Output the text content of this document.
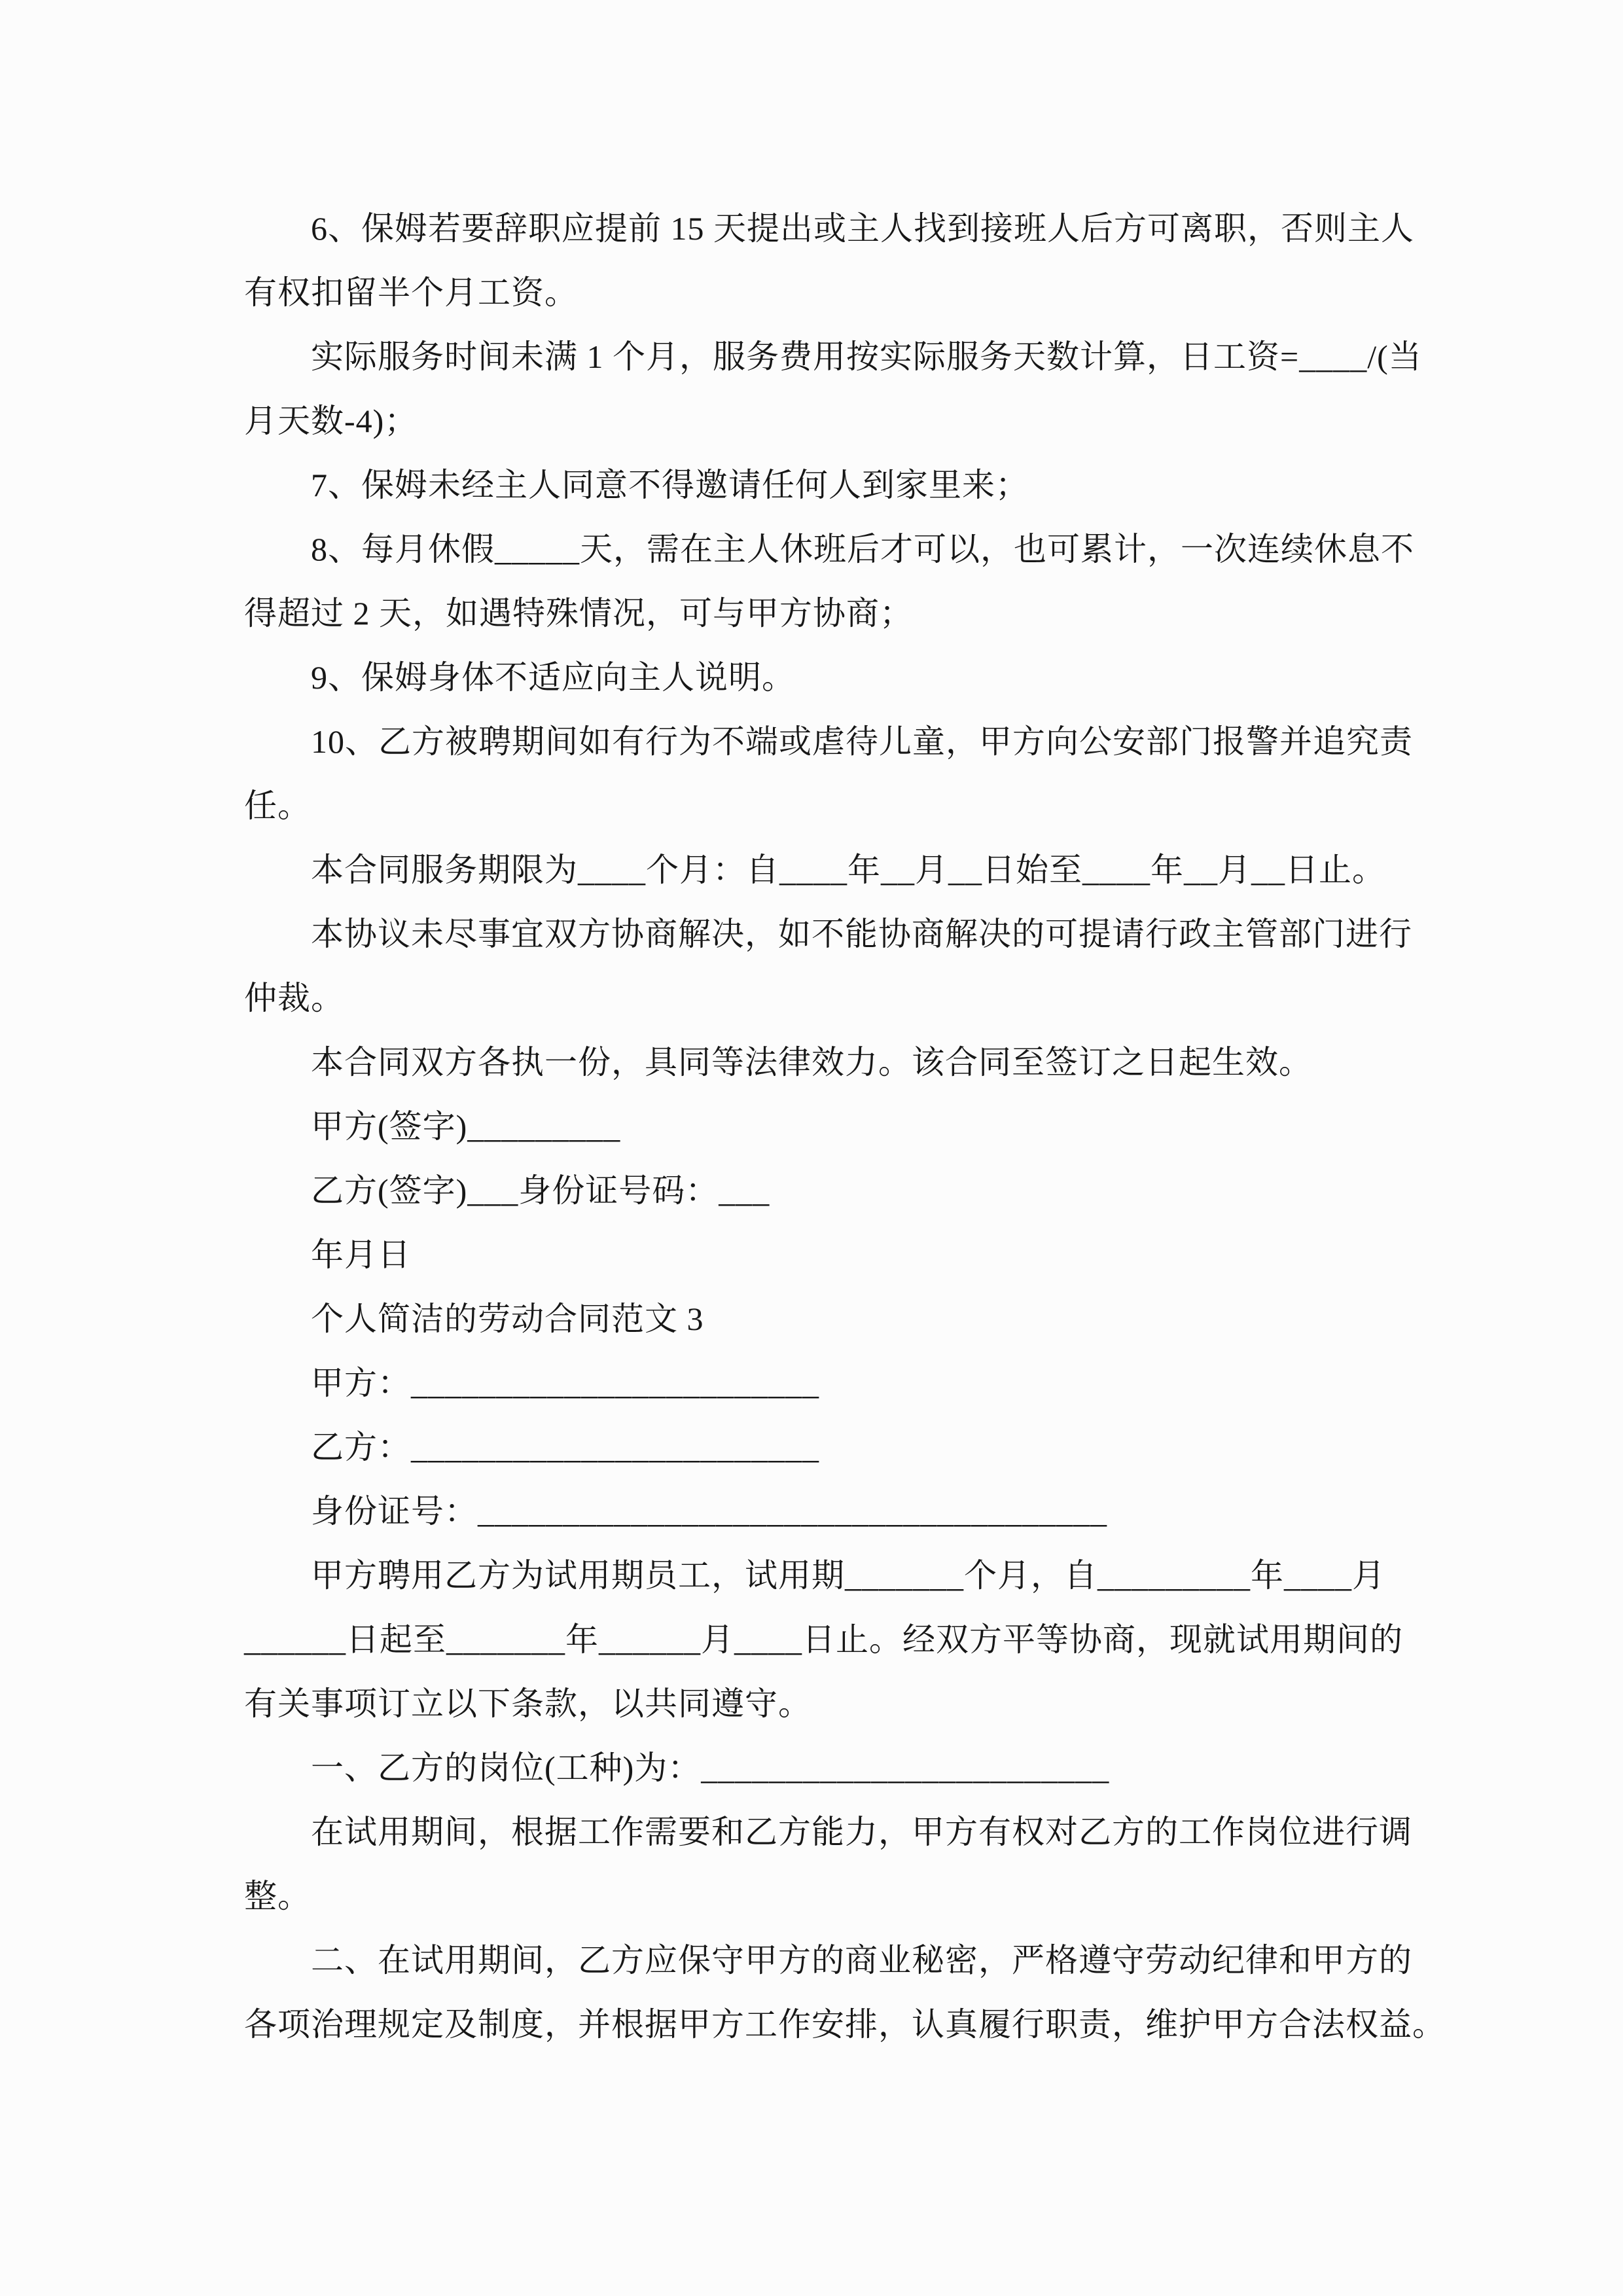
6、保姆若要辞职应提前 15 天提出或主人找到接班人后方可离职，否则主人
有权扣留半个月工资。
实际服务时间未满 1 个月，服务费用按实际服务天数计算，日工资=____/(当
月天数-4)；
7、保姆未经主人同意不得邀请任何人到家里来；
8、每月休假_____天，需在主人休班后才可以，也可累计，一次连续休息不
得超过 2 天，如遇特殊情况，可与甲方协商；
9、保姆身体不适应向主人说明。
10、乙方被聘期间如有行为不端或虐待儿童，甲方向公安部门报警并追究责
任。
本合同服务期限为____个月：自____年__月__日始至____年__月__日止。
本协议未尽事宜双方协商解决，如不能协商解决的可提请行政主管部门进行
仲裁。
本合同双方各执一份，具同等法律效力。该合同至签订之日起生效。
甲方(签字)_________
乙方(签字)___身份证号码：___
年月日
个人简洁的劳动合同范文 3
甲方：________________________
乙方：________________________
身份证号：_____________________________________
甲方聘用乙方为试用期员工，试用期_______个月，自_________年____月
______日起至_______年______月____日止。经双方平等协商，现就试用期间的
有关事项订立以下条款，以共同遵守。
一、乙方的岗位(工种)为：________________________
在试用期间，根据工作需要和乙方能力，甲方有权对乙方的工作岗位进行调
整。
二、在试用期间，乙方应保守甲方的商业秘密，严格遵守劳动纪律和甲方的
各项治理规定及制度，并根据甲方工作安排，认真履行职责，维护甲方合法权益。
